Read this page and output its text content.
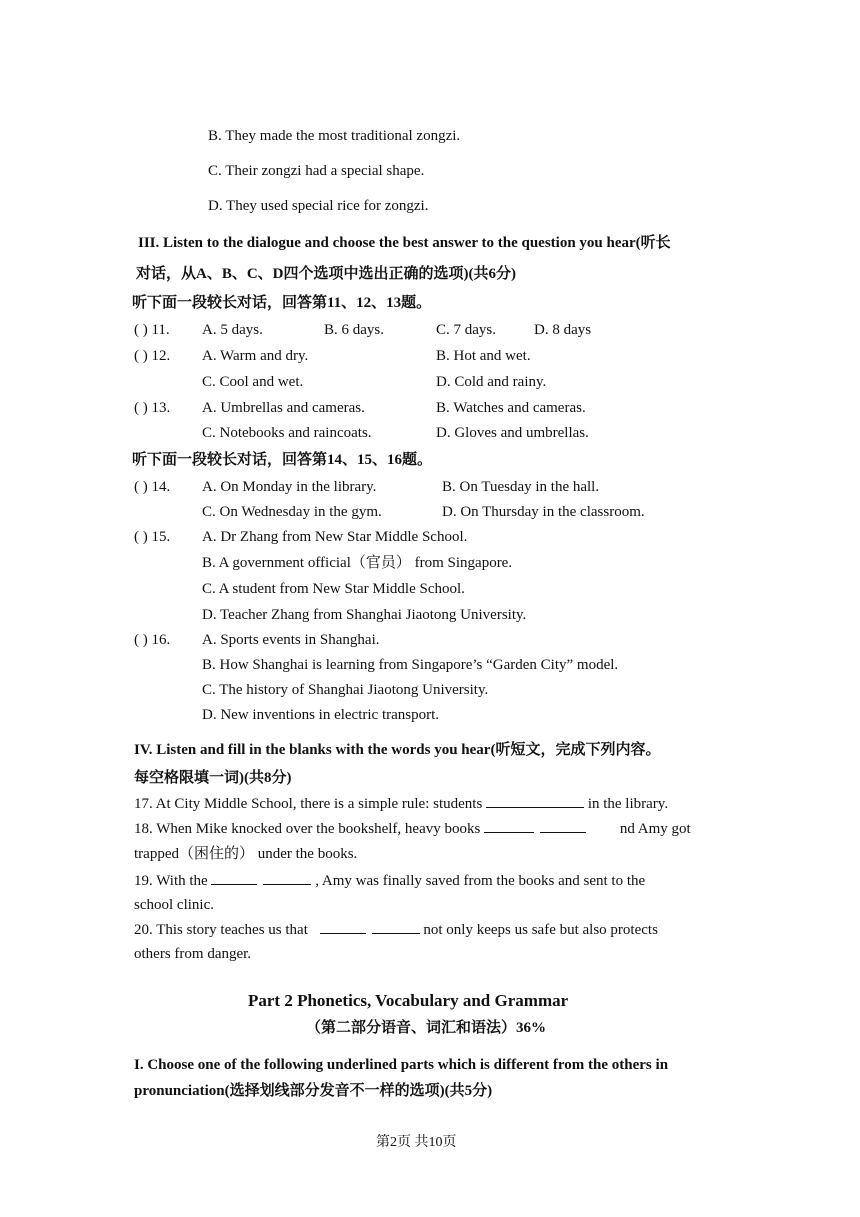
B. They made the most traditional zongzi.
C. Their zongzi had a special shape.
D. They used special rice for zongzi.
III. Listen to the dialogue and choose the best answer to the question you hear(听长
对话，从A、B、C、D四个选项中选出正确的选项)(共6分)
听下面一段较长对话，回答第11、12、13题。
( ) 11. A. 5 days.	B. 6 days.	C. 7 days.	D. 8 days
( ) 12. A. Warm and dry.	B. Hot and wet.
C. Cool and wet.	D. Cold and rainy.
( ) 13. A. Umbrellas and cameras.	B. Watches and cameras.
C. Notebooks and raincoats.	D. Gloves and umbrellas.
听下面一段较长对话，回答第14、15、16题。
( ) 14. A. On Monday in the library.	B. On Tuesday in the hall.
C. On Wednesday in the gym.	D. On Thursday in the classroom.
( ) 15. A. Dr Zhang from New Star Middle School.
B. A government official（官员） from Singapore.
C. A student from New Star Middle School.
D. Teacher Zhang from Shanghai Jiaotong University.
( ) 16. A. Sports events in Shanghai.
B. How Shanghai is learning from Singapore’s “Garden City” model.
C. The history of Shanghai Jiaotong University.
D. New inventions in electric transport.
IV. Listen and fill in the blanks with the words you hear(听短文，完成下列内容。
每空格限填一词)(共8分)
17. At City Middle School, there is a simple rule: students	in the library.
18. When Mike knocked over the bookshelf, heavy books	nd Amy got
trapped（困住的） under the books.
19. With the	, Amy was finally saved from the books and sent to the
school clinic.
20. This story teaches us that	not only keeps us safe but also protects
others from danger.
Part 2 Phonetics, Vocabulary and Grammar
（第二部分语音、词汇和语法）36%
I. Choose one of the following underlined parts which is different from the others in
pronunciation(选择划线部分发音不一样的选项)(共5分)
第2页 共10页
